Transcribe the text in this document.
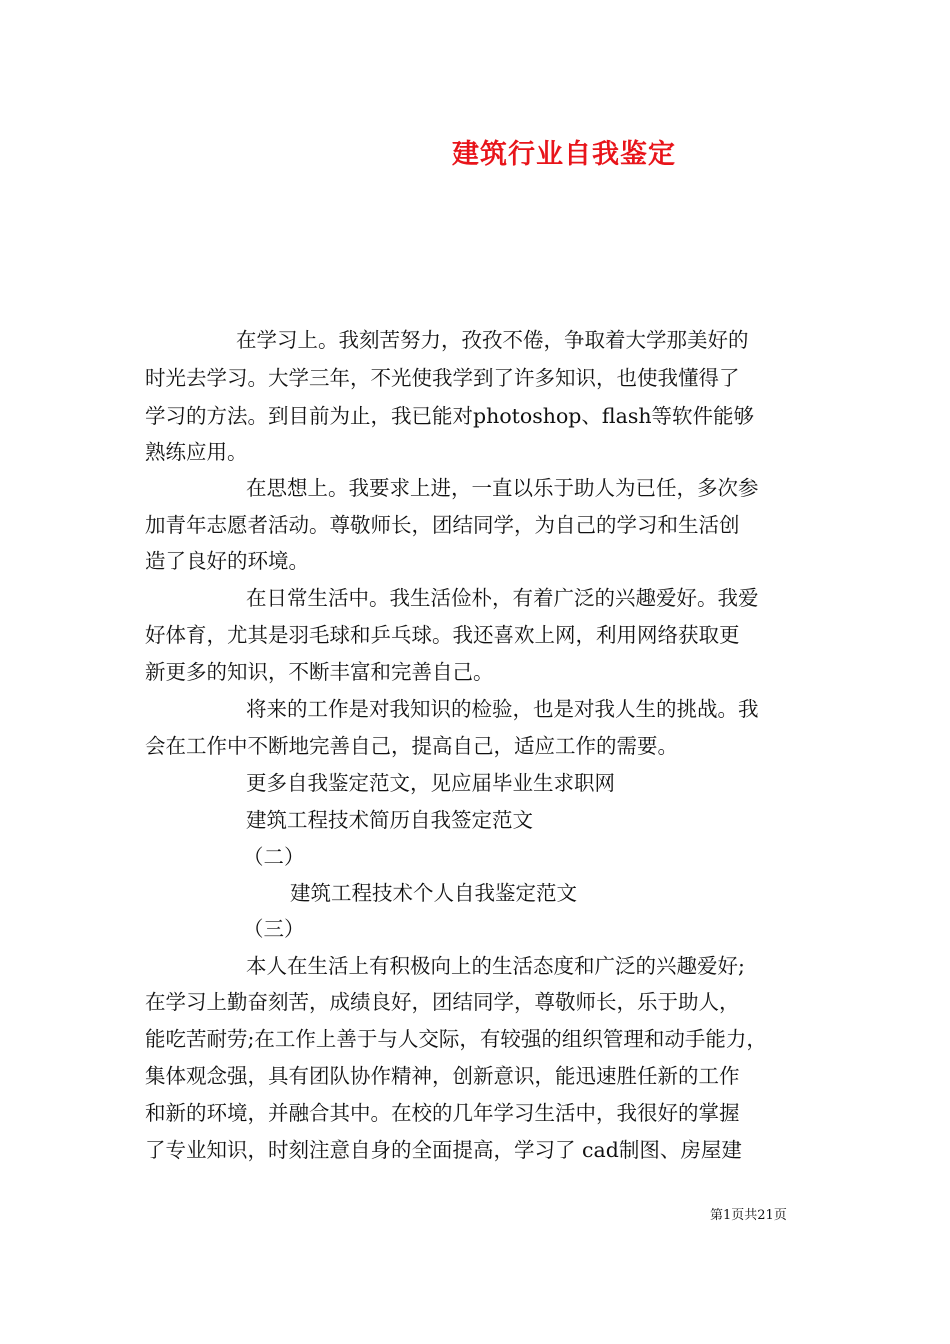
建筑行业自我鉴定
在学习上。我刻苦努力，孜孜不倦，争取着大学那美好的
时光去学习。大学三年，不光使我学到了许多知识，也使我懂得了
学习的方法。到目前为止，我已能对photoshop、flash等软件能够
熟练应用。
在思想上。我要求上进，一直以乐于助人为已任，多次参
加青年志愿者活动。尊敬师长，团结同学，为自己的学习和生活创
造了良好的环境。
在日常生活中。我生活俭朴，有着广泛的兴趣爱好。我爱
好体育，尤其是羽毛球和乒乓球。我还喜欢上网，利用网络获取更
新更多的知识，不断丰富和完善自己。
将来的工作是对我知识的检验，也是对我人生的挑战。我
会在工作中不断地完善自己，提高自己，适应工作的需要。
更多自我鉴定范文，见应届毕业生求职网
建筑工程技术简历自我签定范文
（二）
建筑工程技术个人自我鉴定范文
（三）
本人在生活上有积极向上的生活态度和广泛的兴趣爱好;
在学习上勤奋刻苦，成绩良好，团结同学，尊敬师长，乐于助人，
能吃苦耐劳;在工作上善于与人交际，有较强的组织管理和动手能力，
集体观念强，具有团队协作精神，创新意识，能迅速胜任新的工作
和新的环境，并融合其中。在校的几年学习生活中，我很好的掌握
了专业知识，时刻注意自身的全面提高，学习了 cad制图、房屋建
第1页共21页
